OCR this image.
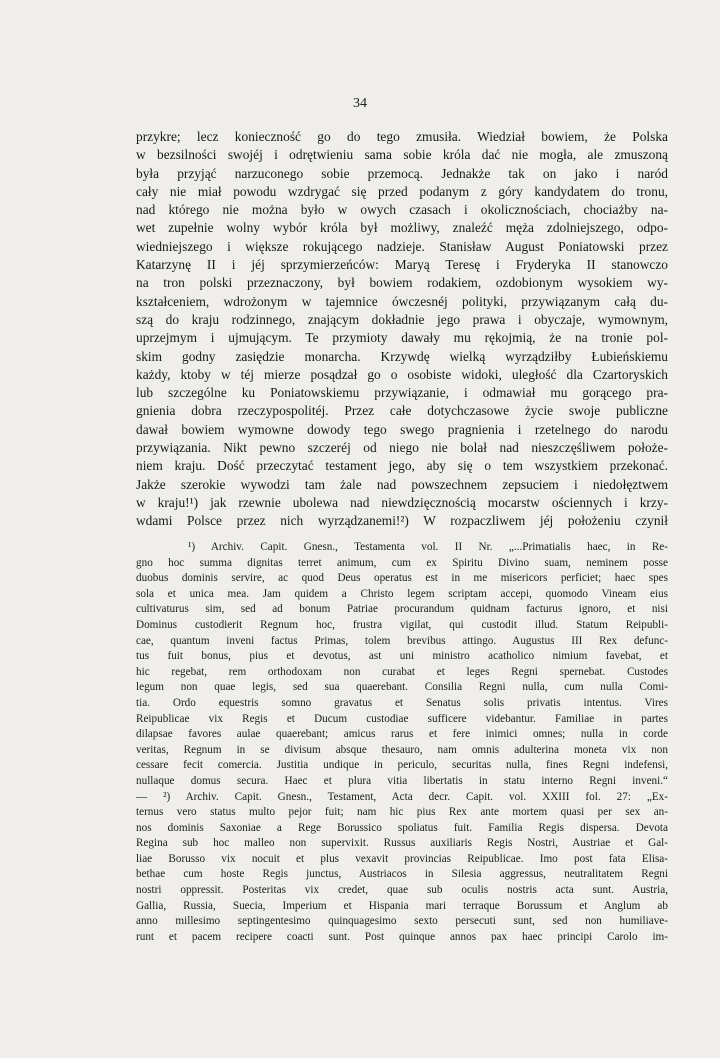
34
przykre; lecz konieczność go do tego zmusiła. Wiedział bowiem, że Polska
w bezsilności swojéj i odrętwieniu sama sobie króla dać nie mogła, ale zmuszoną
była przyjąć narzuconego sobie przemocą. Jednakże tak on jako i naród
cały nie miał powodu wzdrygać się przed podanym z góry kandydatem do tronu,
nad którego nie można było w owych czasach i okolicznościach, chociażby na-
wet zupełnie wolny wybór króla był możliwy, znaleźć męża zdolniejszego, odpo-
wiedniejszego i większe rokującego nadzieje. Stanisław August Poniatowski przez
Katarzynę II i jéj sprzymierzeńców: Maryą Teresę i Fryderyka II stanowczo
na tron polski przeznaczony, był bowiem rodakiem, ozdobionym wysokiem wy-
kształceniem, wdrożonym w tajemnice ówczesnéj polityki, przywiązanym całą du-
szą do kraju rodzinnego, znającym dokładnie jego prawa i obyczaje, wymownym,
uprzejmym i ujmującym. Te przymioty dawały mu rękojmią, że na tronie pol-
skim godny zasiędzie monarcha. Krzywdę wielką wyrządziłby Łubieńskiemu
każdy, ktoby w téj mierze posądzał go o osobiste widoki, uległość dla Czartoryskich
lub szczególne ku Poniatowskiemu przywiązanie, i odmawiał mu gorącego pra-
gnienia dobra rzeczypospolitéj. Przez całe dotychczasowe życie swoje publiczne
dawał bowiem wymowne dowody tego swego pragnienia i rzetelnego do narodu
przywiązania. Nikt pewno szczeréj od niego nie bolał nad nieszczęśliwem położe-
niem kraju. Dość przeczytać testament jego, aby się o tem wszystkiem przekonać.
Jakże szerokie wywodzi tam żale nad powszechnem zepsuciem i niedołęztwem
w kraju!¹) jak rzewnie ubolewa nad niewdzięcznością mocarstw ościennych i krzy-
wdami Polsce przez nich wyrządzanemi!²) W rozpaczliwem jéj położeniu czynił
¹) Archiv. Capit. Gnesn., Testamenta vol. II Nr. „...Primatialis haec, in Re-
gno hoc summa dignitas terret animum, cum ex Spiritu Divino suam, neminem posse
duobus dominis servire, ac quod Deus operatus est in me misericors perficiet; haec spes
sola et unica mea. Jam quidem a Christo legem scriptam accepi, quomodo Vineam eius
cultivaturus sim, sed ad bonum Patriae procurandum quidnam facturus ignoro, et nisi
Dominus custodierit Regnum hoc, frustra vigilat, qui custodit illud. Statum Reipubli-
cae, quantum inveni factus Primas, tolem brevibus attingo. Augustus III Rex defunc-
tus fuit bonus, pius et devotus, ast uni ministro acatholico nimium favebat, et
hic regebat, rem orthodoxam non curabat et leges Regni spernebat. Custodes
legum non quae legis, sed sua quaerebant. Consilia Regni nulla, cum nulla Comi-
tia. Ordo equestris somno gravatus et Senatus solis privatis intentus. Vires
Reipublicae vix Regis et Ducum custodiae sufficere videbantur. Familiae in partes
dilapsae favores aulae quaerebant; amicus rarus et fere inimici omnes; nulla in corde
veritas, Regnum in se divisum absque thesauro, nam omnis adulterina moneta vix non
cessare fecit comercia. Justitia undique in periculo, securitas nulla, fines Regni indefensi,
nullaque domus secura. Haec et plura vitia libertatis in statu interno Regni inveni.“
— ²) Archiv. Capit. Gnesn., Testament, Acta decr. Capit. vol. XXIII fol. 27: „Ex-
ternus vero status multo pejor fuit; nam hic pius Rex ante mortem quasi per sex an-
nos dominis Saxoniae a Rege Borussico spoliatus fuit. Familia Regis dispersa. Devota
Regina sub hoc malleo non supervixit. Russus auxiliaris Regis Nostri, Austriae et Gal-
liae Borusso vix nocuit et plus vexavit provincias Reipublicae. Imo post fata Elisa-
bethae cum hoste Regis junctus, Austriacos in Silesia aggressus, neutralitatem Regni
nostri oppressit. Posteritas vix credet, quae sub oculis nostris acta sunt. Austria,
Gallia, Russia, Suecia, Imperium et Hispania mari terraque Borussum et Anglum ab
anno millesimo septingentesimo quinquagesimo sexto persecuti sunt, sed non humiliave-
runt et pacem recipere coacti sunt. Post quinque annos pax haec principi Carolo im-
